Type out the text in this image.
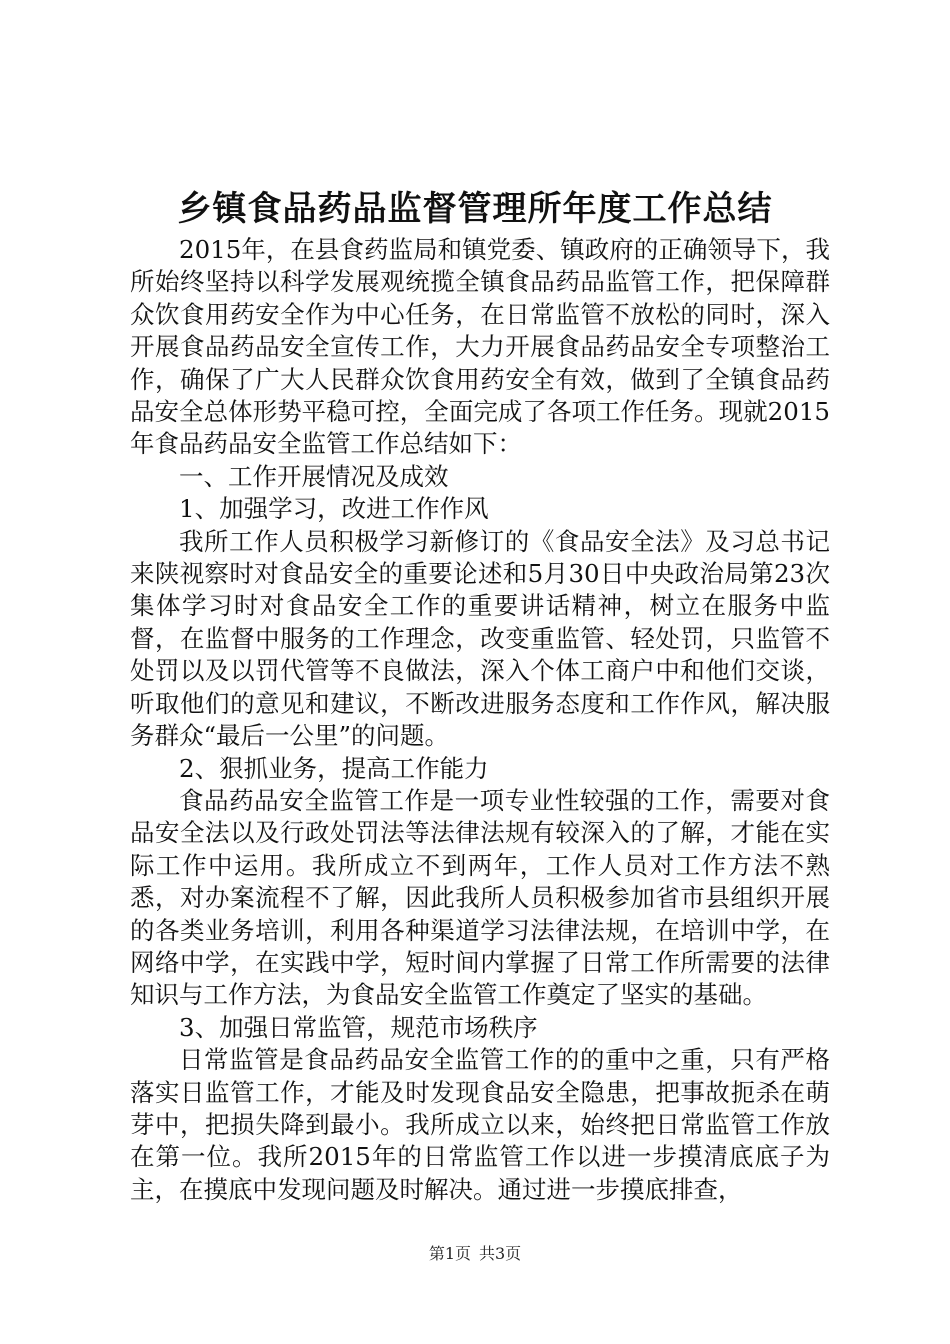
乡镇食品药品监督管理所年度工作总结

2015年，在县食药监局和镇党委、镇政府的正确领导下，我所始终坚持以科学发展观统揽全镇食品药品监管工作，把保障群众饮食用药安全作为中心任务，在日常监管不放松的同时，深入开展食品药品安全宣传工作，大力开展食品药品安全专项整治工作，确保了广大人民群众饮食用药安全有效，做到了全镇食品药品安全总体形势平稳可控，全面完成了各项工作任务。现就2015年食品药品安全监管工作总结如下：

一、工作开展情况及成效

1、加强学习，改进工作作风

我所工作人员积极学习新修订的《食品安全法》及习总书记来陕视察时对食品安全的重要论述和5月30日中央政治局第23次集体学习时对食品安全工作的重要讲话精神，树立在服务中监督，在监督中服务的工作理念，改变重监管、轻处罚，只监管不处罚以及以罚代管等不良做法，深入个体工商户中和他们交谈，听取他们的意见和建议，不断改进服务态度和工作作风，解决服务群众“最后一公里”的问题。

2、狠抓业务，提高工作能力

食品药品安全监管工作是一项专业性较强的工作，需要对食品安全法以及行政处罚法等法律法规有较深入的了解，才能在实际工作中运用。我所成立不到两年，工作人员对工作方法不熟悉，对办案流程不了解，因此我所人员积极参加省市县组织开展的各类业务培训，利用各种渠道学习法律法规，在培训中学，在网络中学，在实践中学，短时间内掌握了日常工作所需要的法律知识与工作方法，为食品安全监管工作奠定了坚实的基础。

3、加强日常监管，规范市场秩序

日常监管是食品药品安全监管工作的的重中之重，只有严格落实日监管工作，才能及时发现食品安全隐患，把事故扼杀在萌芽中，把损失降到最小。我所成立以来，始终把日常监管工作放在第一位。我所2015年的日常监管工作以进一步摸清底底子为主，在摸底中发现问题及时解决。通过进一步摸底排查，

第1页 共3页
